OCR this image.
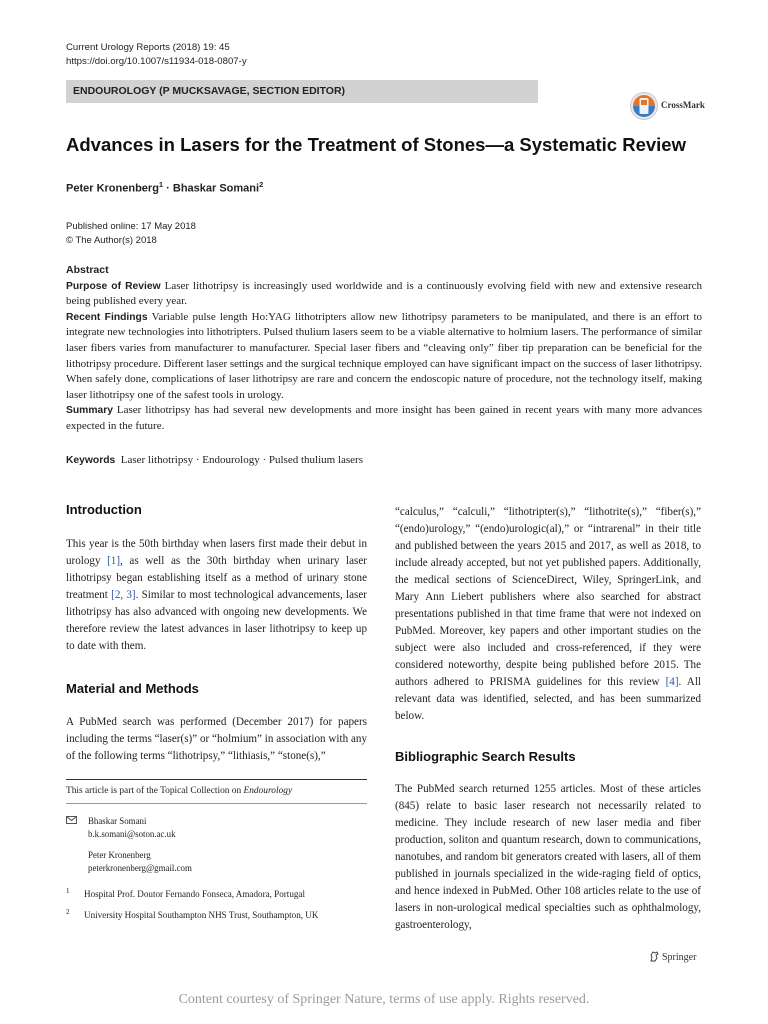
Current Urology Reports (2018) 19: 45
https://doi.org/10.1007/s11934-018-0807-y
ENDOUROLOGY (P MUCKSAVAGE, SECTION EDITOR)
CrossMark
Advances in Lasers for the Treatment of Stones—a Systematic Review
Peter Kronenberg$^1$ · Bhaskar Somani$^2$
Published online: 17 May 2018
© The Author(s) 2018
Abstract

Purpose of Review Laser lithotripsy is increasingly used worldwide and is a continuously evolving field with new and extensive research being published every year.

Recent Findings Variable pulse length Ho:YAG lithotripters allow new lithotripsy parameters to be manipulated, and there is an effort to integrate new technologies into lithotripters. Pulsed thulium lasers seem to be a viable alternative to holmium lasers. The performance of similar laser fibers varies from manufacturer to manufacturer. Special laser fibers and “cleaving only” fiber tip preparation can be beneficial for the lithotripsy procedure. Different laser settings and the surgical technique employed can have significant impact on the success of laser lithotripsy. When safely done, complications of laser lithotripsy are rare and concern the endoscopic nature of procedure, not the technology itself, making laser lithotripsy one of the safest tools in urology.

Summary Laser lithotripsy has had several new developments and more insight has been gained in recent years with many more advances expected in the future.

Keywords Laser lithotripsy · Endourology · Pulsed thulium lasers
Introduction

This year is the 50th birthday when lasers first made their debut in urology [1], as well as the 30th birthday when urinary laser lithotripsy began establishing itself as a method of urinary stone treatment [2, 3]. Similar to most technological advancements, laser lithotripsy has also advanced with ongoing new developments. We therefore review the latest advances in laser lithotripsy to keep up to date with them.

Material and Methods

A PubMed search was performed (December 2017) for papers including the terms “laser(s)” or “holmium” in association with any of the following terms “lithotripsy,” “lithiasis,” “stone(s),”

This article is part of the Topical Collection on Endourology
Bhaskar Somani
b.k.somani@soton.ac.uk
Peter Kronenberg
peterkronenberg@gmail.com
1 Hospital Prof. Doutor Fernando Fonseca, Amadora, Portugal
2 University Hospital Southampton NHS Trust, Southampton, UK

“calculus,” “calculi,” “lithotripter(s),” “lithotrite(s),” “fiber(s),” “(endo)urology,” “(endo)urologic(al),” or “intrarenal” in their title and published between the years 2015 and 2017, as well as 2018, to include already accepted, but not yet published papers. Additionally, the medical sections of ScienceDirect, Wiley, SpringerLink, and Mary Ann Liebert publishers where also searched for abstract presentations published in that time frame that were not indexed on PubMed. Moreover, key papers and other important studies on the subject were also included and cross-referenced, if they were considered noteworthy, despite being published before 2015. The authors adhered to PRISMA guidelines for this review [4]. All relevant data was identified, selected, and has been summarized below.

Bibliographic Search Results

The PubMed search returned 1255 articles. Most of these articles (845) relate to basic laser research not necessarily related to medicine. They include research of new laser media and fiber production, soliton and quantum research, down to communications, nanotubes, and random bit generators created with lasers, all of them published in journals specialized in the wide-raging field of optics, and hence indexed in PubMed. Other 108 articles relate to the use of lasers in non-urological medical specialties such as ophthalmology, gastroenterology,

Springer
Content courtesy of Springer Nature, terms of use apply. Rights reserved.
